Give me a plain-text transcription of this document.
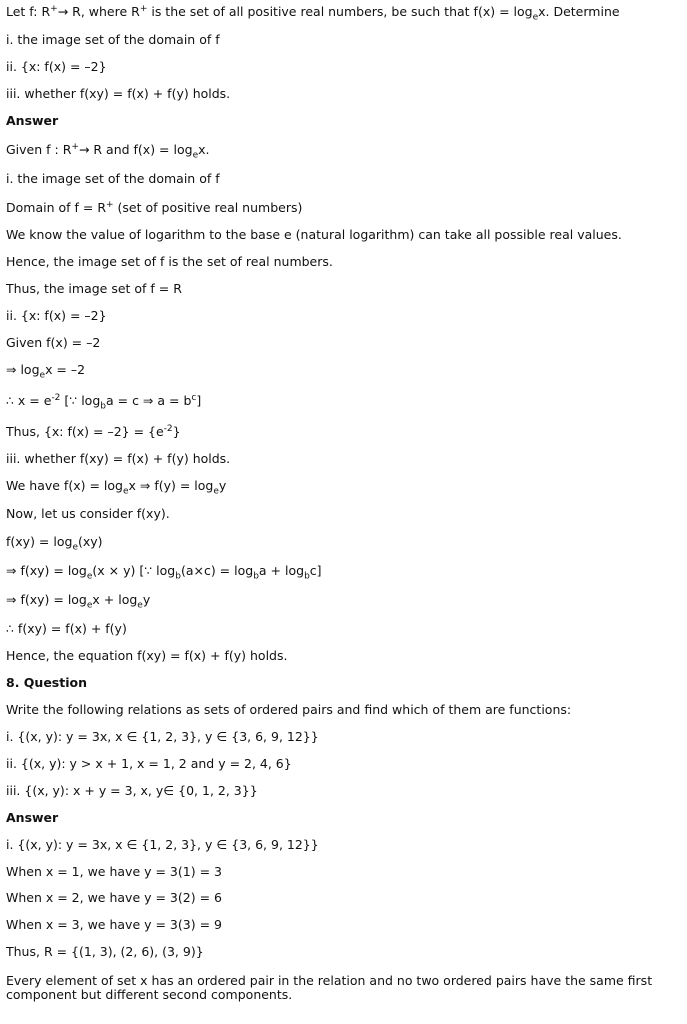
Let f: R+→ R, where R+ is the set of all positive real numbers, be such that $f(x) = \log_ex$. Determine
i. the image set of the domain of f
ii. {x: f(x) = –2}
iii. whether f(xy) = f(x) + f(y) holds.
Answer
Given f : R+→ R and $f(x) = \log_ex$.
i. the image set of the domain of f
Domain of f = R+ (set of positive real numbers)
We know the value of logarithm to the base e (natural logarithm) can take all possible real values.
Hence, the image set of f is the set of real numbers.
Thus, the image set of f = R
ii. {x: f(x) = –2}
Given f(x) = –2
⇒ $\log_ex = -2$
∴ $x = e^{-2}$ [∵ $\log_ba = c$ ⇒ $a = b^c$]
Thus, {x: $f(x) = -2\} = \{e^{-2}\}$
iii. whether f(xy) = f(x) + f(y) holds.
We have $f(x) = \log_ex$ ⇒ $f(y) = \log_ey$
Now, let us consider f(xy).
$f(xy) = \log_e(xy)$
⇒ $f(xy) = \log_e(x \times y)$ [∵ $\log_b(a\times c) = \log_ba + \log_bc$]
⇒ $f(xy) = \log_ex + \log_ey$
∴ f(xy) = f(x) + f(y)
Hence, the equation f(xy) = f(x) + f(y) holds.
8. Question
Write the following relations as sets of ordered pairs and find which of them are functions:
i. {(x, y): y = 3x, x ∈ {1, 2, 3}, y ∈ {3, 6, 9, 12}}
ii. {(x, y): y > x + 1, x = 1, 2 and y = 2, 4, 6}
iii. {(x, y): x + y = 3, x, y∈ {0, 1, 2, 3}}
Answer
i. {(x, y): y = 3x, x ∈ {1, 2, 3}, y ∈ {3, 6, 9, 12}}
When x = 1, we have y = 3(1) = 3
When x = 2, we have y = 3(2) = 6
When x = 3, we have y = 3(3) = 9
Thus, R = {(1, 3), (2, 6), (3, 9)}
Every element of set x has an ordered pair in the relation and no two ordered pairs have the same first component but different second components.
